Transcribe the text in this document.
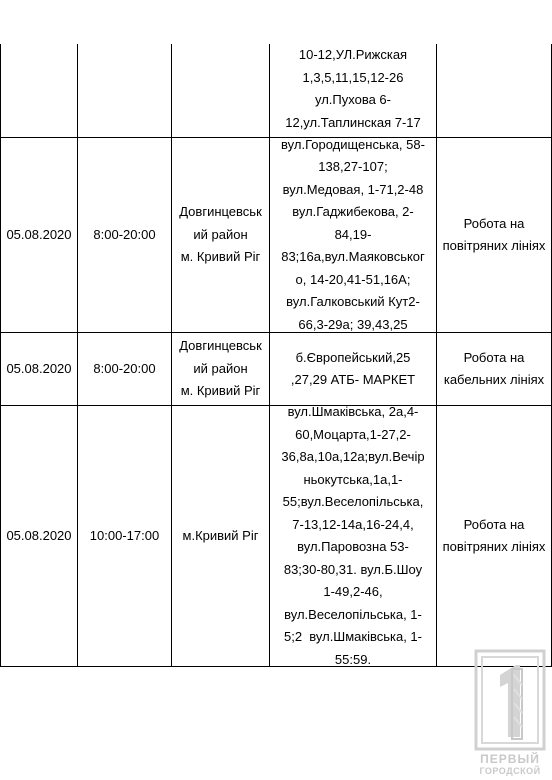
10-12,УЛ.Рижская
1,3,5,11,15,12-26
ул.Пухова 6-
12,ул.Таплинская 7-17
05.08.2020 8:00-20:00
Довгинцевськ
ий район
м. Кривий Ріг
вул.Городищенська, 58-
138,27-107;
вул.Медовая, 1-71,2-48
вул.Гаджибекова, 2-
84,19-
83;16а,вул.Маяковськог
о, 14-20,41-51,16А;
вул.Галковський Кут2-
66,3-29а; 39,43,25
Робота на
повітряних лініях
05.08.2020 8:00-20:00
Довгинцевськ
ий район
м. Кривий Ріг
б.Європейський,25
,27,29 АТБ- МАРКЕТ
Робота на
кабельних лініях
05.08.2020 10:00-17:00 м.Кривий Ріг
вул.Шмаківська, 2а,4-
60,Моцарта,1-27,2-
36,8а,10а,12а;вул.Вечір
ньокутська,1а,1-
55;вул.Веселопільська,
7-13,12-14а,16-24,4,
вул.Паровозна 53-
83;30-80,31. вул.Б.Шоу
1-49,2-46,
вул.Веселопільська, 1-
5;2  вул.Шмаківська, 1-
55:59.
Робота на
повітряних лініях
ПЕРВЫЙ
ГОРОДСКОЙ
